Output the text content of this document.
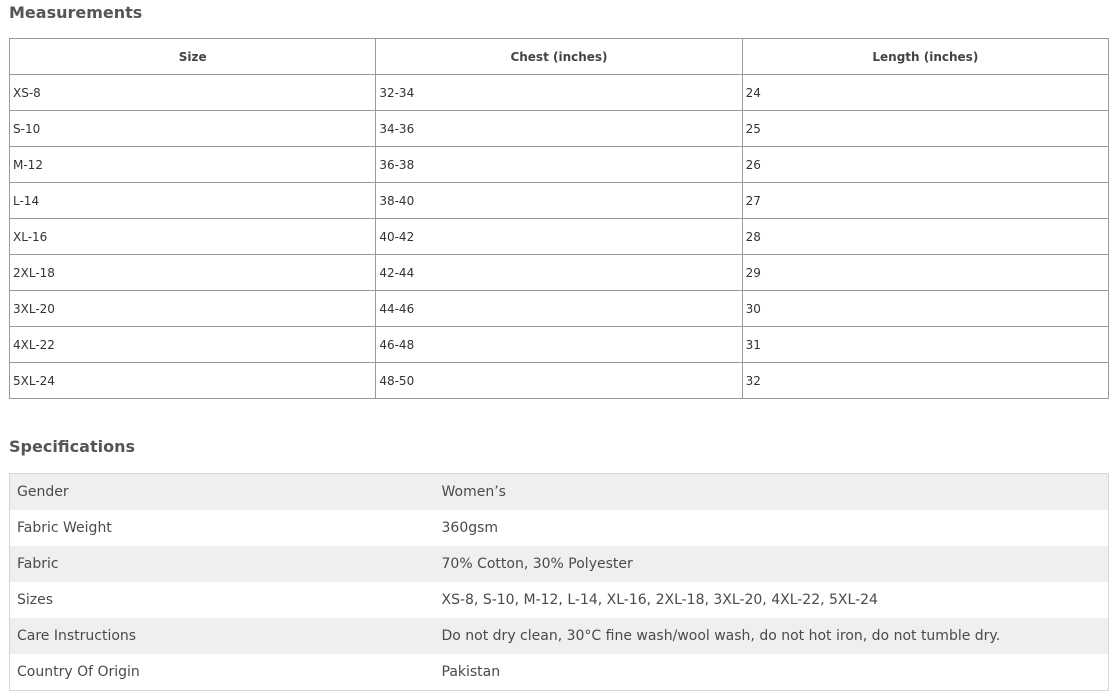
Measurements
Size	Chest (inches)	Length (inches)
XS-8	32-34	24
S-10	34-36	25
M-12	36-38	26
L-14	38-40	27
XL-16	40-42	28
2XL-18	42-44	29
3XL-20	44-46	30
4XL-22	46-48	31
5XL-24	48-50	32
Specifications
Gender	Women’s
Fabric Weight	360gsm
Fabric	70% Cotton, 30% Polyester
Sizes	XS-8, S-10, M-12, L-14, XL-16, 2XL-18, 3XL-20, 4XL-22, 5XL-24
Care Instructions	Do not dry clean, 30°C fine wash/wool wash, do not hot iron, do not tumble dry.
Country Of Origin	Pakistan
